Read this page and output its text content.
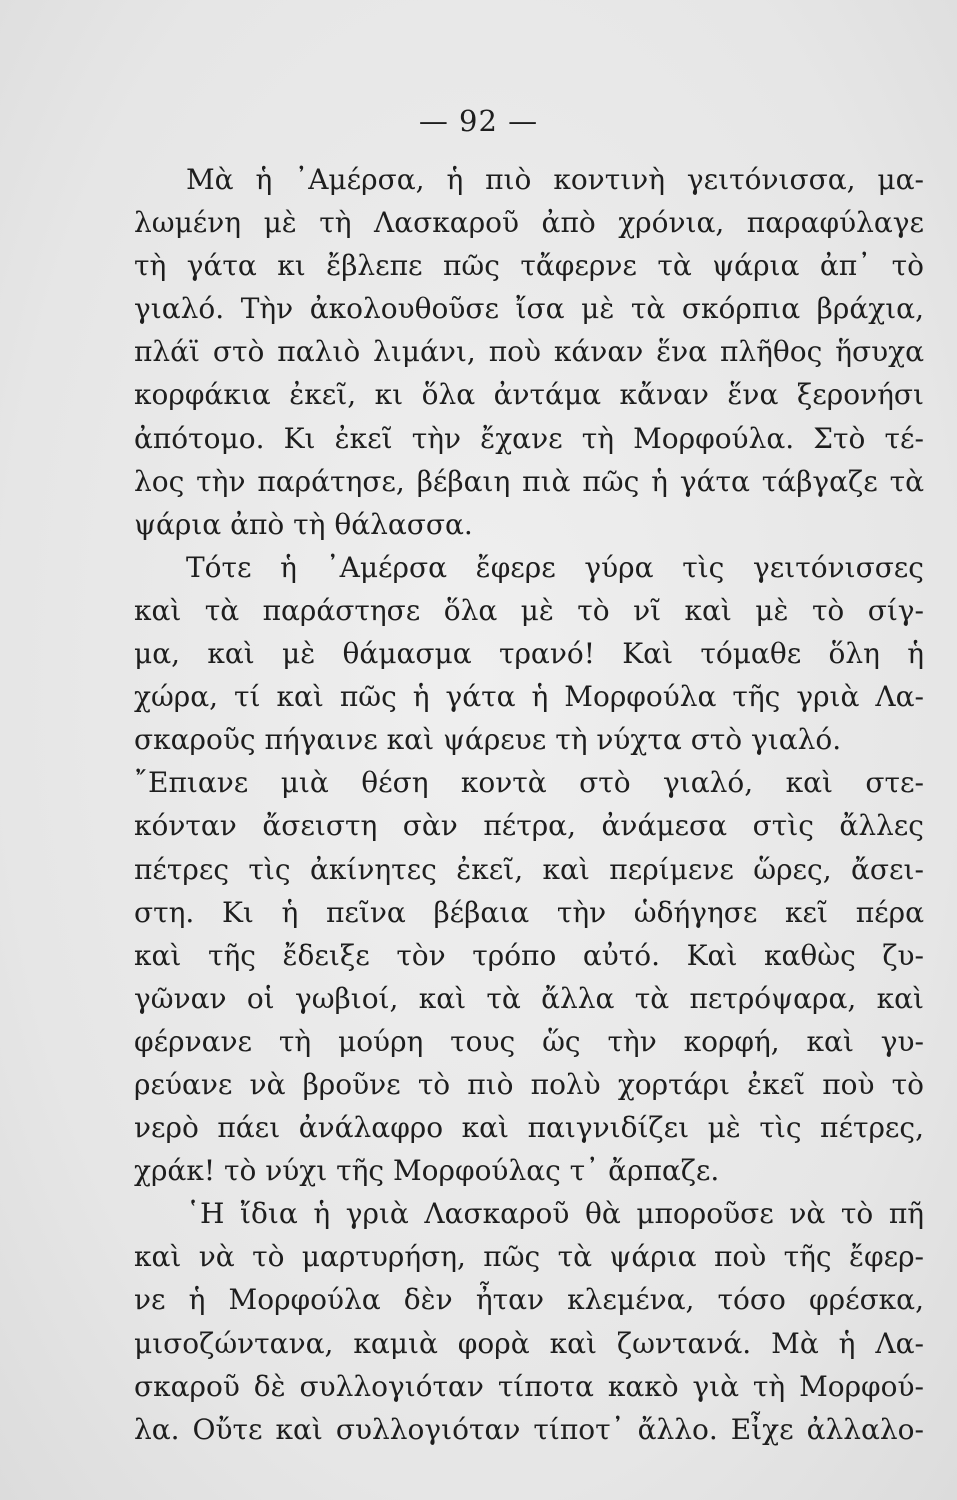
— 92 —
Μὰ ἡ ᾿Αμέρσα, ἡ πιὸ κοντινὴ γειτόνισσα, μα-
λωμένη μὲ τὴ Λασκαροῦ ἀπὸ χρόνια, παραφύλαγε
τὴ γάτα κι ἔβλεπε πῶς τἄφερνε τὰ ψάρια ἀπ᾿ τὸ
γιαλό. Τὴν ἀκολουθοῦσε ἴσα μὲ τὰ σκόρπια βράχια,
πλάϊ στὸ παλιὸ λιμάνι, ποὺ κάναν ἕνα πλῆθος ἥσυχα
κορφάκια ἐκεῖ, κι ὅλα ἀντάμα κἄναν ἕνα ξερονήσι
ἀπότομο. Κι ἐκεῖ τὴν ἔχανε τὴ Μορφούλα. Στὸ τέ-
λος τὴν παράτησε, βέβαιη πιὰ πῶς ἡ γάτα τάβγαζε τὰ
ψάρια ἀπὸ τὴ θάλασσα.
Τότε ἡ ᾿Αμέρσα ἔφερε γύρα τὶς γειτόνισσες
καὶ τὰ παράστησε ὅλα μὲ τὸ νῖ καὶ μὲ τὸ σίγ-
μα, καὶ μὲ θάμασμα τρανό! Καὶ τόμαθε ὅλη ἡ
χώρα, τί καὶ πῶς ἡ γάτα ἡ Μορφούλα τῆς γριὰ Λα-
σκαροῦς πήγαινε καὶ ψάρευε τὴ νύχτα στὸ γιαλό.
῎Επιανε μιὰ θέση κοντὰ στὸ γιαλό, καὶ στε-
κόνταν ἄσειστη σὰν πέτρα, ἀνάμεσα στὶς ἄλλες
πέτρες τὶς ἀκίνητες ἐκεῖ, καὶ περίμενε ὥρες, ἄσει-
στη. Κι ἡ πεῖνα βέβαια τὴν ὡδήγησε κεῖ πέρα
καὶ τῆς ἔδειξε τὸν τρόπο αὐτό. Καὶ καθὼς ζυ-
γῶναν οἱ γωβιοί, καὶ τὰ ἄλλα τὰ πετρόψαρα, καὶ
φέρνανε τὴ μούρη τους ὥς τὴν κορφή, καὶ γυ-
ρεύανε νὰ βροῦνε τὸ πιὸ πολὺ χορτάρι ἐκεῖ ποὺ τὸ
νερὸ πάει ἀνάλαφρο καὶ παιγνιδίζει μὲ τὶς πέτρες,
χράκ! τὸ νύχι τῆς Μορφούλας τ᾿ ἄρπαζε.
῾Η ἴδια ἡ γριὰ Λασκαροῦ θὰ μποροῦσε νὰ τὸ πῆ
καὶ νὰ τὸ μαρτυρήση, πῶς τὰ ψάρια ποὺ τῆς ἔφερ-
νε ἡ Μορφούλα δὲν ἦταν κλεμένα, τόσο φρέσκα,
μισοζώντανα, καμιὰ φορὰ καὶ ζωντανά. Μὰ ἡ Λα-
σκαροῦ δὲ συλλογιόταν τίποτα κακὸ γιὰ τὴ Μορφού-
λα. Οὔτε καὶ συλλογιόταν τίποτ᾿ ἄλλο. Εἶχε ἀλλαλο-
